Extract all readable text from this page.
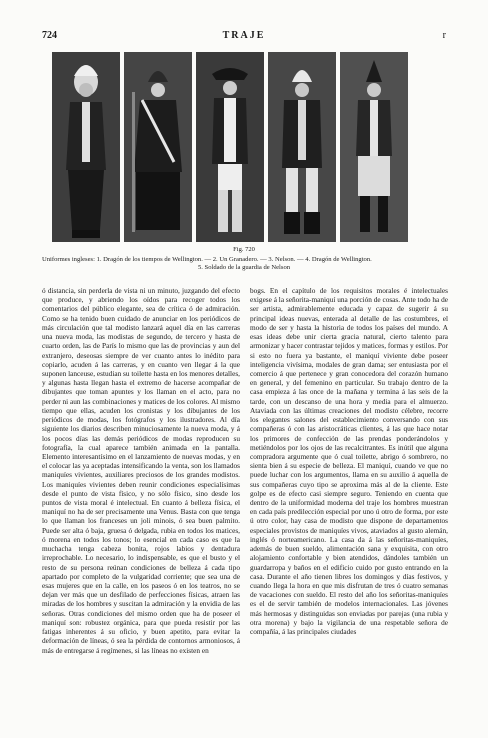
724	TRAJE	r
Fig. 720
Uniformes ingleses: 1. Dragón de los tiempos de Wellington. — 2. Un Granadero. — 3. Nelson. — 4. Dragón de Wellington.
5. Soldado de la guardia de Nelson

ó distancia, sin perderla de vista ni un minuto, juzgando del efecto que produce, y abriendo los oídos para recoger todos los comentarios del público elegante, sea de crítica ó de admiración. Como se ha tenido buen cuidado de anunciar en los periódicos de más circulación que tal modisto lanzará aquel día en las carreras una nueva moda, las modistas de segundo, de tercero y hasta de cuarto orden, las de París lo mismo que las de provincias y aun del extranjero, deseosas siempre de ver cuanto antes lo inédito para copiarlo, acuden á las carreras, y en cuanto ven llegar á la que suponen lanceuse, estudian su toilette hasta en los menores detalles, y algunas hasta llegan hasta el extremo de hacerse acompañar de dibujantes que toman apuntes y los llaman en el acto, para no perder ni aun las combinaciones y matices de los colores. Al mismo tiempo que ellas, acuden los cronistas y los dibujantes de los periódicos de modas, los fotógrafos y los ilustradores. Al día siguiente los diarios describen minuciosamente la nueva moda, y á los pocos días las demás periódicos de modas reproducen su fotografía, la cual aparece también animada en la pantalla. Elemento interesantísimo en el lanzamiento de nuevas modas, y en el colocar las ya aceptadas intensificando la venta, son los llamados maniquíes vivientes, auxiliares preciosos de los grandes modistos. Los maniquíes vivientes deben reunir condiciones especialísimas desde el punto de vista físico, y no sólo físico, sino desde los puntos de vista moral é intelectual. En cuanto á belleza física, el maniquí no ha de ser precisamente una Venus. Basta con que tenga lo que llaman los franceses un joli minois, ó sea buen palmito. Puede ser alta ó baja, gruesa ó delgada, rubia en todos los matices, ó morena en todos los tonos; lo esencial en cada caso es que la muchacha tenga cabeza bonita, rojos labios y dentadura irreprochable. Lo necesario, lo indispensable, es que el busto y el resto de su persona reúnan condiciones de belleza á cada tipo apartado por completo de la vulgaridad corriente; que sea una de esas mujeres que en la calle, en los paseos ó en los teatros, no se dejan ver más que un desfilado de perfecciones físicas, atraen las miradas de los hombres y suscitan la admiración y la envidia de las señoras. Otras condiciones del mismo orden que ha de poseer el maniquí son: robustez orgánica, para que pueda resistir por las fatigas inherentes á su oficio, y buen apetito, para evitar la deformación de líneas, ó sea la pérdida de contornos armoniosos, á más de entregarse á regímenes, si las líneas no existen en

bogs. En el capítulo de los requisitos morales é intelectuales exigese á la señorita-maniquí una porción de cosas. Ante todo ha de ser artista, admirablemente educada y capaz de sugerir á su principal ideas nuevas, enterada al detalle de las costumbres, el modo de ser y hasta la historia de todos los países del mundo. A esas ideas debe unir cierta gracia natural, cierto talento para armonizar y hacer contrastar tejidos y matices, formas y estilos. Por si esto no fuera ya bastante, el maniquí viviente debe poseer inteligencia vivísima, modales de gran dama; ser entusiasta por el comercio á que pertenece y gran conocedora del corazón humano en general, y del femenino en particular. Su trabajo dentro de la casa empieza á las once de la mañana y termina á las seis de la tarde, con un descanso de una hora y media para el almuerzo. Ataviada con las últimas creaciones del modisto célebre, recorre los elegantes salones del establecimiento conversando con sus compañeras ó con las aristocráticas clientes, á las que hace notar los primores de confección de las prendas ponderándolos y metiéndolos por los ojos de las recalcitrantes. Es inútil que alguna compradora argumente que ó cual toilette, abrigo ó sombrero, no sienta bien á su especie de belleza. El maniquí, cuando ve que no puede luchar con los argumentos, llama en su auxilio á aquella de sus compañeras cuyo tipo se aproxima más al de la cliente. Este golpe es de efecto casi siempre seguro. Teniendo en cuenta que dentro de la uniformidad moderna del traje los hombres muestran en cada país predilección especial por uno ú otro de forma, por este ú otro color, hay casa de modisto que dispone de departamentos especiales provistos de maniquíes vivos, ataviados al gusto alemán, inglés ó norteamericano. La casa da á las señoritas-maniquíes, además de buen sueldo, alimentación sana y exquisita, con otro alojamiento confortable y bien atendidos, dándoles también un guardarropa y baños en el edificio cuido por gusto entrando en la casa. Durante el año tienen libres los domingos y días festivos, y cuando llega la hora en que mis disfrutan de tres ó cuatro semanas de vacaciones con sueldo. El resto del año los señoritas-maniquíes es el de servir también de modelos internacionales. Las jóvenes más hermosas y distinguidas son enviadas por parejas (una rubia y otra morena) y bajo la vigilancia de una respetable señora de compañía, á las principales ciudades
